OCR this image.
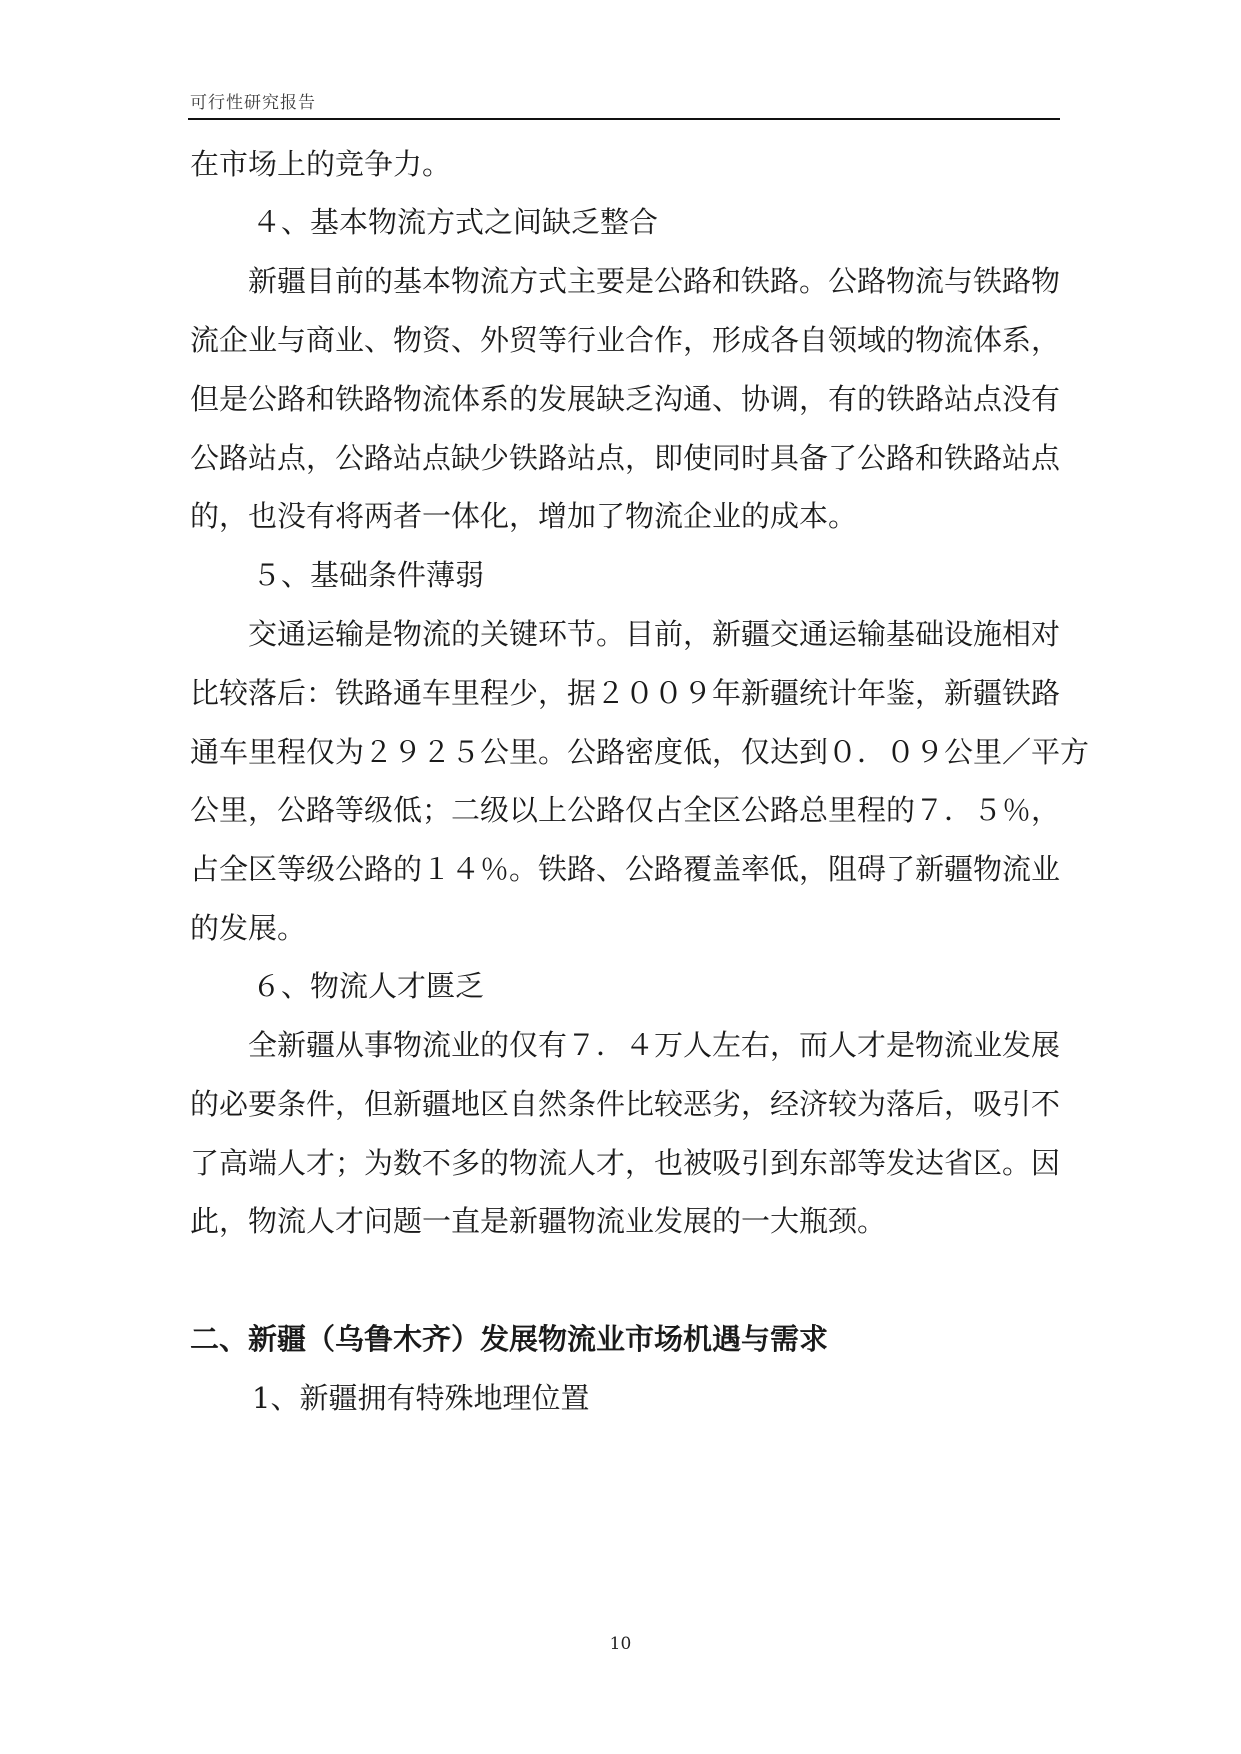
可行性研究报告
在市场上的竞争力。
４、基本物流方式之间缺乏整合
新疆目前的基本物流方式主要是公路和铁路。公路物流与铁路物
流企业与商业、物资、外贸等行业合作，形成各自领域的物流体系，
但是公路和铁路物流体系的发展缺乏沟通、协调，有的铁路站点没有
公路站点，公路站点缺少铁路站点，即使同时具备了公路和铁路站点
的，也没有将两者一体化，增加了物流企业的成本。
５、基础条件薄弱
交通运输是物流的关键环节。目前，新疆交通运输基础设施相对
比较落后：铁路通车里程少，据２００９年新疆统计年鉴，新疆铁路
通车里程仅为２９２５公里。公路密度低，仅达到０．０９公里／平方
公里，公路等级低；二级以上公路仅占全区公路总里程的７．５％，
占全区等级公路的１４％。铁路、公路覆盖率低，阻碍了新疆物流业
的发展。
６、物流人才匮乏
全新疆从事物流业的仅有７．４万人左右，而人才是物流业发展
的必要条件，但新疆地区自然条件比较恶劣，经济较为落后，吸引不
了高端人才；为数不多的物流人才，也被吸引到东部等发达省区。因
此，物流人才问题一直是新疆物流业发展的一大瓶颈。
二、新疆（乌鲁木齐）发展物流业市场机遇与需求
1、新疆拥有特殊地理位置
10
